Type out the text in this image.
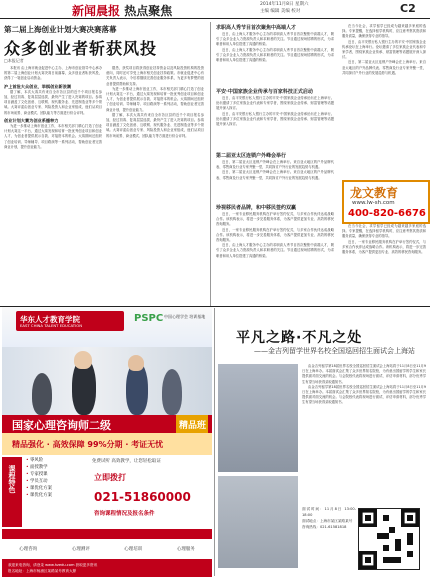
新闻晨报 热点聚焦	2014年11月8日 星期六
主编 编辑 美编 校对	C2
第二届上海创业计划大赛决赛落幕
众多创业者斩获风投
□本报记者

本报讯 由上海市就业促进中心主办、上海市创业指导中心承办的第二届上海创业计划大赛决赛日前落幕，众多创业者斩获风投，获得了一笔创业启动资金。

沪上首批大众创业，举棋创业新浪潮

据了解，本次大赛共有来自全市各区县的近千个项目报名参加，经过初赛、复赛层层选拔，最终产生了进入决赛的项目。参赛项目涵盖了文化创意、互联网、现代服务业、先进制造业等多个领域。大赛评委由创业专家、风险投资人和企业家组成，他们从项目的市场前景、商业模式、团队能力等方面进行综合评判。

创业计划大赛为创业系播种力

为进一步推动上海市创业工作，本市相关部门精心打造了创业计划大赛这一平台，通过大赛发现和培育一批优秀创业项目和创业人才，为创业者提供展示自我、对接资本的机会。大赛期间还组织了创业培训、导师辅导、项目路演等一系列活动，帮助创业者完善商业计划，提升创业能力。

据悉，获奖项目将获得创业扶持资金以及风险投资机构的投资意向，同时还可享受上海市相关创业扶持政策。市就业促进中心有关负责人表示，今后将继续完善创业服务体系，为更多有梦想的创业者提供帮助和支持。

为进一步推动上海市创业工作，本市相关部门精心打造了创业计划大赛这一平台，通过大赛发现和培育一批优秀创业项目和创业人才，为创业者提供展示自我、对接资本的机会。大赛期间还组织了创业培训、导师辅导、项目路演等一系列活动，帮助创业者完善商业计划，提升创业能力。

据了解，本次大赛共有来自全市各区县的近千个项目报名参加，经过初赛、复赛层层选拔，最终产生了进入决赛的项目。参赛项目涵盖了文化创意、互联网、现代服务业、先进制造业等多个领域。大赛评委由创业专家、风险投资人和企业家组成，他们从项目的市场前景、商业模式、团队能力等方面进行综合评判。

求职高人秀节目首次聚焦中高端人才

近日，由上海人才服务中心主办的求职高人秀节目首次聚焦中高端人才，吸引了众多企业人力资源负责人和求职者的关注。节目通过现场招聘的形式，为求职者和用人单位搭建了沟通的桥梁。

近日，由上海人才服务中心主办的求职高人秀节目首次聚焦中高端人才，吸引了众多企业人力资源负责人和求职者的关注。节目通过现场招聘的形式，为求职者和用人单位搭建了沟通的桥梁。

平安·中国家族企业传承与百家科技正式启动

近日，由平安银行私人银行主办的平安·中国家族企业传承论坛在上海举行。论坛邀请了多位家族企业代表和专家学者，围绕家族企业传承、财富管理等话题展开深入探讨。

近日，由平安银行私人银行主办的平安·中国家族企业传承论坛在上海举行。论坛邀请了多位家族企业代表和专家学者，围绕家族企业传承、财富管理等话题展开深入探讨。

第二届亚太区连锁户外峰会举行

近日，第二届亚太区连锁户外峰会在上海举行。来自亚太地区的户外品牌代表、零售商及行业专家齐聚一堂，共同探讨户外行业的发展趋势与机遇。

近日，第二届亚太区连锁户外峰会在上海举行。来自亚太地区的户外品牌代表、零售商及行业专家齐聚一堂，共同探讨户外行业的发展趋势与机遇。

珍视移民者品牌，和中移民签约双赢

近日，一家专业移民服务机构在沪举行签约仪式，与多家合作伙伴达成战略合作。该机构表示，将进一步完善服务体系，为客户提供更加专业、高效的移民咨询服务。

近日，一家专业移民服务机构在沪举行签约仪式，与多家合作伙伴达成战略合作。该机构表示，将进一步完善服务体系，为客户提供更加专业、高效的移民咨询服务。

近日，由上海人才服务中心主办的求职高人秀节目首次聚焦中高端人才，吸引了众多企业人力资源负责人和求职者的关注。节目通过现场招聘的形式，为求职者和用人单位搭建了沟通的桥梁。

在当今社会，求学留学已经成为越来越多家庭的选择。专家提醒，在选择留学机构时，应注意考察其资质和服务质量，确保获得专业的指导。

近日，由平安银行私人银行主办的平安·中国家族企业传承论坛在上海举行。论坛邀请了多位家族企业代表和专家学者，围绕家族企业传承、财富管理等话题展开深入探讨。

近日，第二届亚太区连锁户外峰会在上海举行。来自亚太地区的户外品牌代表、零售商及行业专家齐聚一堂，共同探讨户外行业的发展趋势与机遇。

龙文教育
www.lw-sh.com
400-820-6676

在当今社会，求学留学已经成为越来越多家庭的选择。专家提醒，在选择留学机构时，应注意考察其资质和服务质量，确保获得专业的指导。

近日，一家专业移民服务机构在沪举行签约仪式，与多家合作伙伴达成战略合作。该机构表示，将进一步完善服务体系，为客户提供更加专业、高效的移民咨询服务。

华东人才教育学院
EAST CHINA TALENT EDUCATION
PSPC 中国心理学会 培训基地
国家心理咨询师二级	精品班
精品强化 · 高效保障 99%分期 · 考证无忧
课程特色
• 零风险
• 面授教学
• 专家授课
• 学员互动
• 课优化方案
• 课优化方案
免费试听 高效教学，让您轻松取证
立即拨打
021-51860000
咨询课程情况及报名条件
心理咨询	心理测评	心理培训	心理服务
欢迎来电咨询，请登录 www.hzedu.com 获取更多资讯
报名地址：上海市杨浦区某路某号教育大厦
平凡之路·不凡之处
——金吉列留学世界名校全国巡回招生面试会上海站

由金吉列留学第18届世界名校全国巡回招生面试会上海站将于11月8日至11月9日在上海举办。本届面试会汇集了众多世界知名院校，为有意出国留学的学生和家长提供面对面交流的机会。与会院校代表将现场进行面试、评估申请材料，部分优秀学生有望当场获得录取通知书。

由金吉列留学第18届世界名校全国巡回招生面试会上海站将于11月8日至11月9日在上海举办。本届面试会汇集了众多世界知名院校，为有意出国留学的学生和家长提供面对面交流的机会。与会院校代表将现场进行面试、评估申请材料，部分优秀学生有望当场获得录取通知书。

面试时间：11月8日 13:00-18:00
面试地点：上海市某区某路某号
咨询热线：021-61581818
